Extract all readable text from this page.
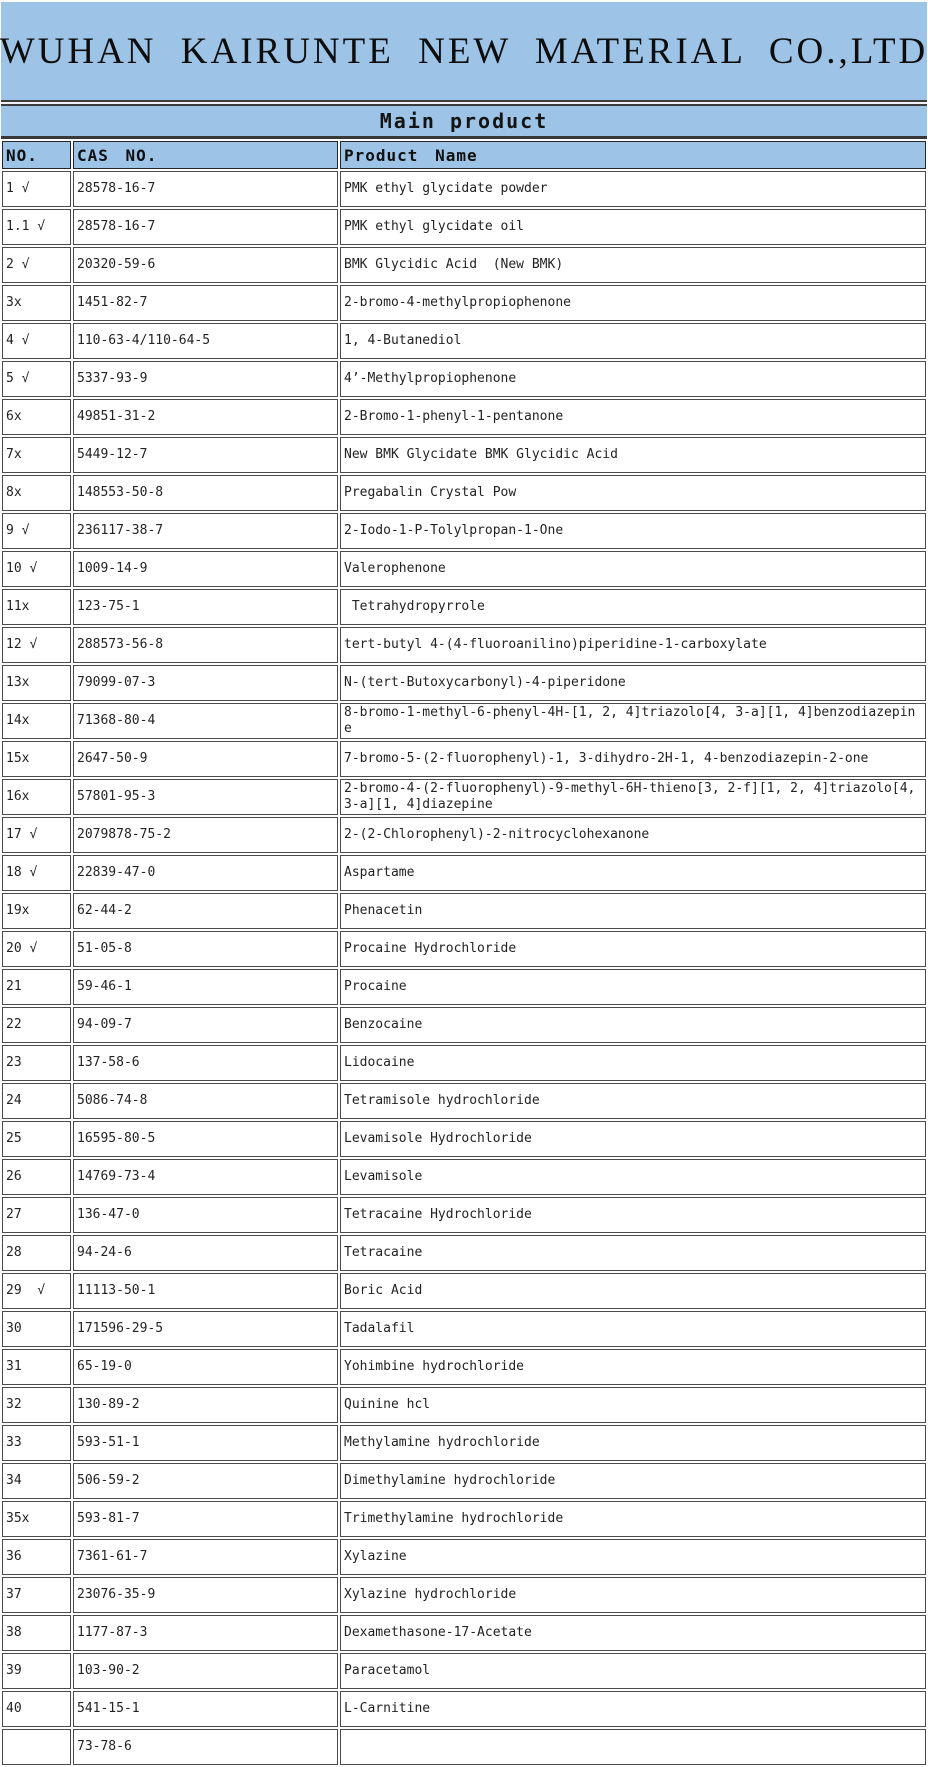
WUHAN KAIRUNTE NEW MATERIAL CO.,LTD
Main product
NO.	CAS NO.	Product Name
1 √	28578-16-7	PMK ethyl glycidate powder
1.1 √	28578-16-7	PMK ethyl glycidate oil
2 √	20320-59-6	BMK Glycidic Acid  (New BMK)
3x	1451-82-7	2-bromo-4-methylpropiophenone
4 √	110-63-4/110-64-5	1, 4-Butanediol
5 √	5337-93-9	4’-Methylpropiophenone
6x	49851-31-2	2-Bromo-1-phenyl-1-pentanone
7x	5449-12-7	New BMK Glycidate BMK Glycidic Acid
8x	148553-50-8	Pregabalin Crystal Pow
9 √	236117-38-7	2-Iodo-1-P-Tolylpropan-1-One
10 √	1009-14-9	Valerophenone
11x	123-75-1	Tetrahydropyrrole
12 √	288573-56-8	tert-butyl 4-(4-fluoroanilino)piperidine-1-carboxylate
13x	79099-07-3	N-(tert-Butoxycarbonyl)-4-piperidone
14x	71368-80-4	8-bromo-1-methyl-6-phenyl-4H-[1, 2, 4]triazolo[4, 3-a][1, 4]benzodiazepine
15x	2647-50-9	7-bromo-5-(2-fluorophenyl)-1, 3-dihydro-2H-1, 4-benzodiazepin-2-one
16x	57801-95-3	2-bromo-4-(2-fluorophenyl)-9-methyl-6H-thieno[3, 2-f][1, 2, 4]triazolo[4, 3-a][1, 4]diazepine
17 √	2079878-75-2	2-(2-Chlorophenyl)-2-nitrocyclohexanone
18 √	22839-47-0	Aspartame
19x	62-44-2	Phenacetin
20 √	51-05-8	Procaine Hydrochloride
21	59-46-1	Procaine
22	94-09-7	Benzocaine
23	137-58-6	Lidocaine
24	5086-74-8	Tetramisole hydrochloride
25	16595-80-5	Levamisole Hydrochloride
26	14769-73-4	Levamisole
27	136-47-0	Tetracaine Hydrochloride
28	94-24-6	Tetracaine
29  √	11113-50-1	Boric Acid
30	171596-29-5	Tadalafil
31	65-19-0	Yohimbine hydrochloride
32	130-89-2	Quinine hcl
33	593-51-1	Methylamine hydrochloride
34	506-59-2	Dimethylamine hydrochloride
35x	593-81-7	Trimethylamine hydrochloride
36	7361-61-7	Xylazine
37	23076-35-9	Xylazine hydrochloride
38	1177-87-3	Dexamethasone-17-Acetate
39	103-90-2	Paracetamol
40	541-15-1	L-Carnitine
	73-78-6	
